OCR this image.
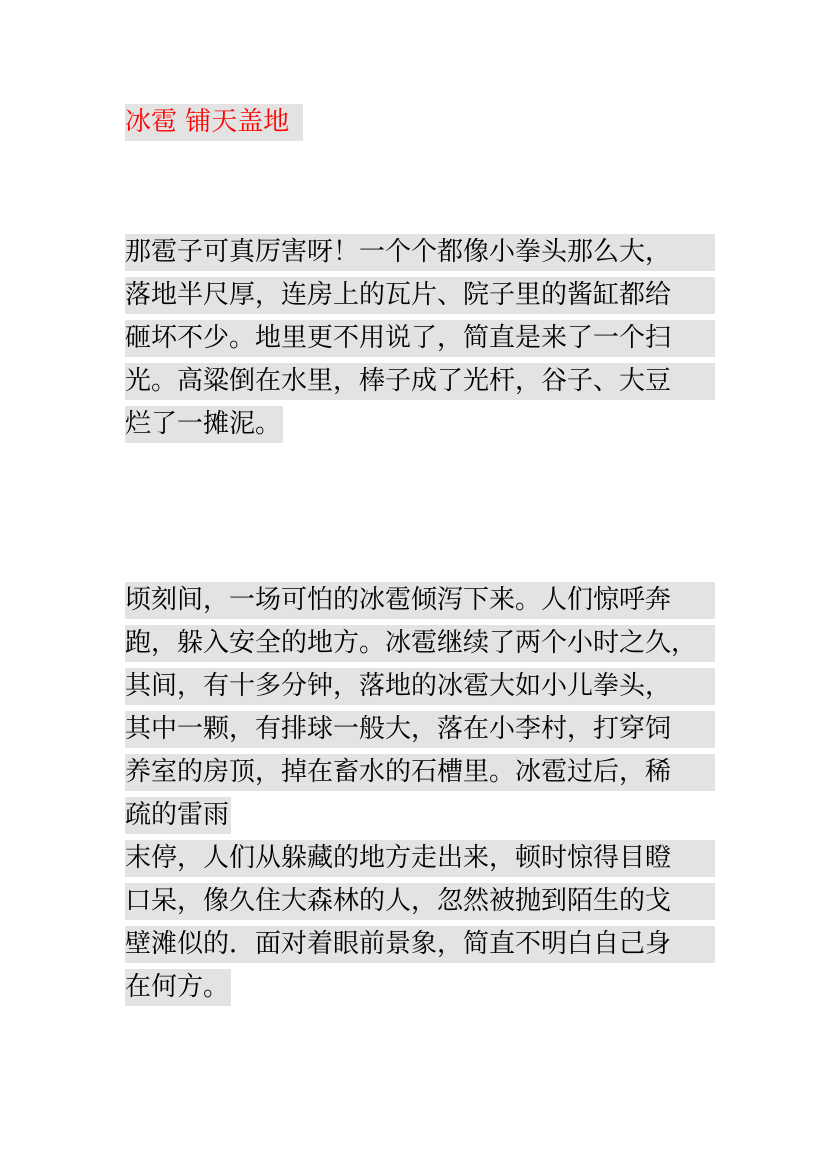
冰雹 铺天盖地
那雹子可真厉害呀！一个个都像小拳头那么大，
落地半尺厚，连房上的瓦片、院子里的酱缸都给
砸坏不少。地里更不用说了，简直是来了一个扫
光。高粱倒在水里，棒子成了光杆，谷子、大豆
烂了一摊泥。
顷刻间，一场可怕的冰雹倾泻下来。人们惊呼奔
跑，躲入安全的地方。冰雹继续了两个小时之久，
其间，有十多分钟，落地的冰雹大如小儿拳头，
其中一颗，有排球一般大，落在小李村，打穿饲
养室的房顶，掉在畜水的石槽里。冰雹过后，稀
疏的雷雨
末停，人们从躲藏的地方走出来，顿时惊得目瞪
口呆，像久住大森林的人，忽然被抛到陌生的戈
壁滩似的．面对着眼前景象，简直不明白自己身
在何方。
